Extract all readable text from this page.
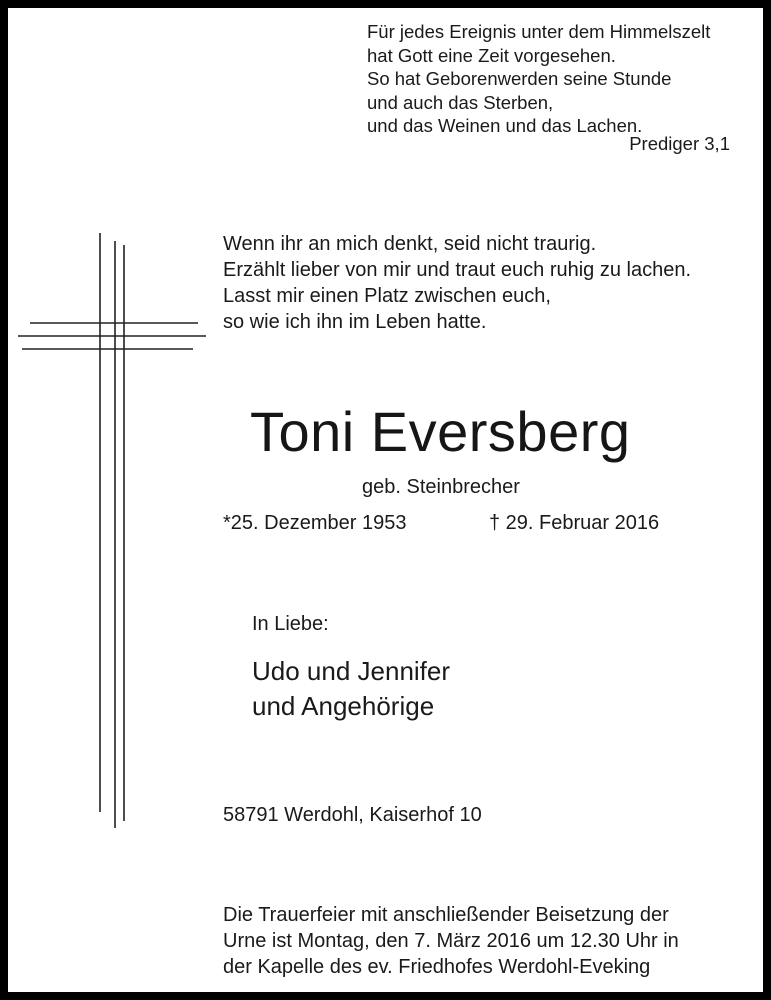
Für jedes Ereignis unter dem Himmelszelt
hat Gott eine Zeit vorgesehen.
So hat Geborenwerden seine Stunde
und auch das Sterben,
und das Weinen und das Lachen.
Prediger 3,1
Wenn ihr an mich denkt, seid nicht traurig.
Erzählt lieber von mir und traut euch ruhig zu lachen.
Lasst mir einen Platz zwischen euch,
so wie ich ihn im Leben hatte.
Toni Eversberg
geb. Steinbrecher
*25. Dezember 1953	† 29. Februar 2016
In Liebe:
Udo und Jennifer
und Angehörige
58791 Werdohl, Kaiserhof 10
Die Trauerfeier mit anschließender Beisetzung der
Urne ist Montag, den 7. März 2016 um 12.30 Uhr in
der Kapelle des ev. Friedhofes Werdohl-Eveking
